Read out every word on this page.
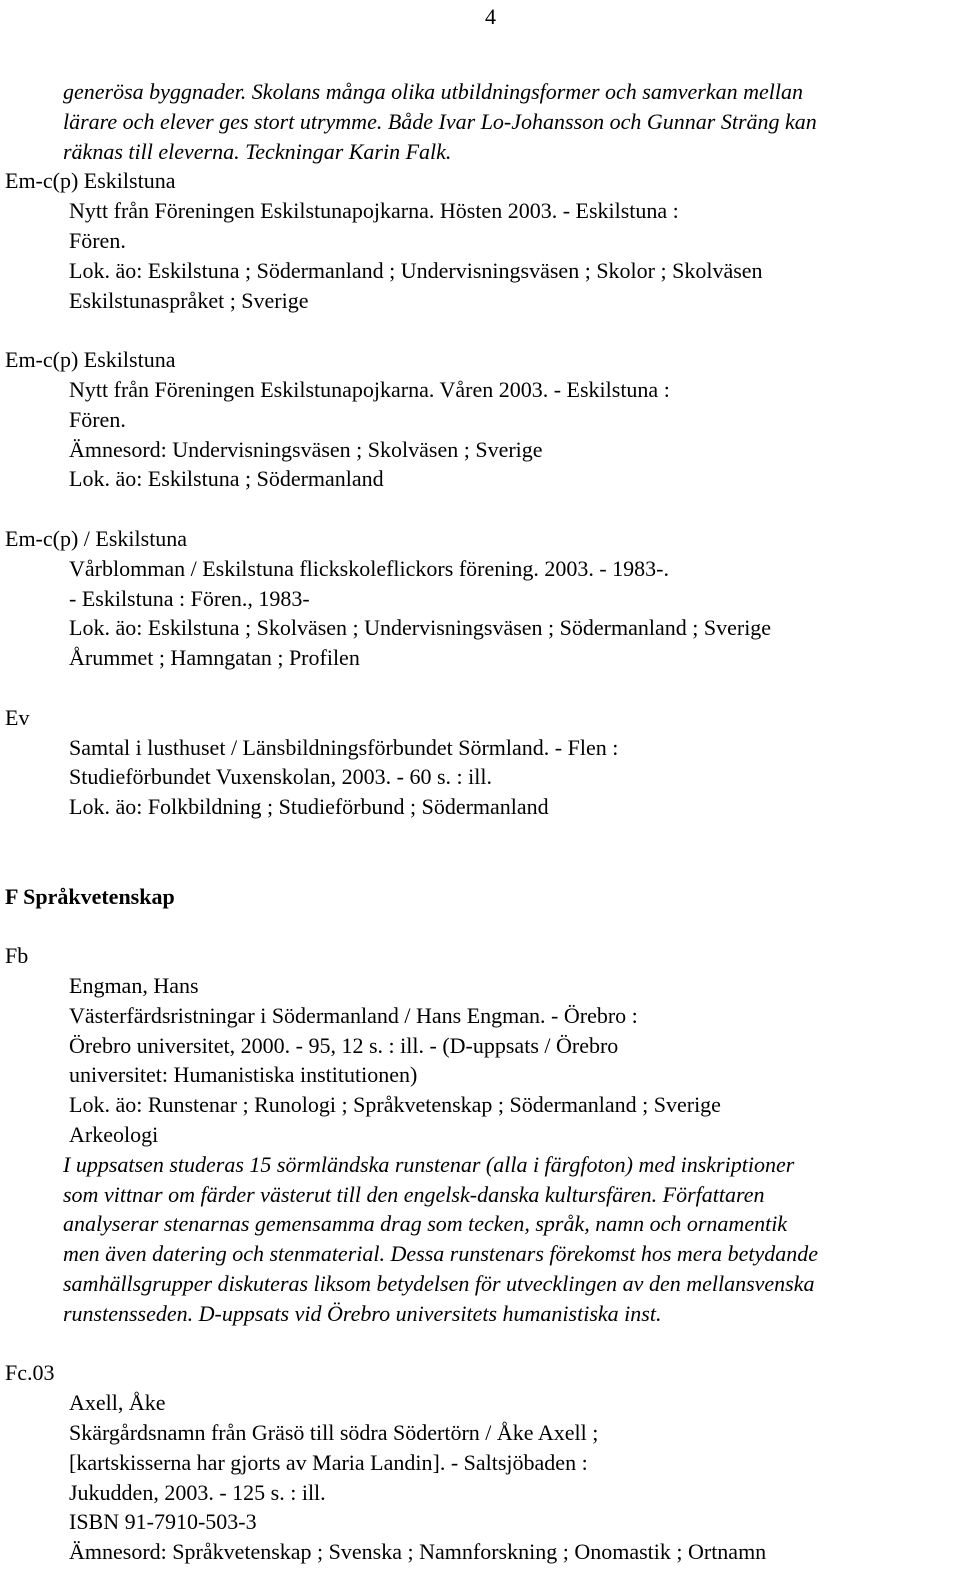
4
generösa byggnader. Skolans många olika utbildningsformer och samverkan mellan
lärare och elever ges stort utrymme. Både Ivar Lo-Johansson och Gunnar Sträng kan
räknas till eleverna. Teckningar Karin Falk.
Em-c(p) Eskilstuna
Nytt från Föreningen Eskilstunapojkarna. Hösten 2003. - Eskilstuna :
Fören.
Lok. äo: Eskilstuna ; Södermanland ; Undervisningsväsen ; Skolor ; Skolväsen
Eskilstunaspråket ; Sverige
Em-c(p) Eskilstuna
Nytt från Föreningen Eskilstunapojkarna. Våren 2003. - Eskilstuna :
Fören.
Ämnesord: Undervisningsväsen ; Skolväsen ; Sverige
Lok. äo: Eskilstuna ; Södermanland
Em-c(p) / Eskilstuna
Vårblomman / Eskilstuna flickskoleflickors förening. 2003. - 1983-.
- Eskilstuna : Fören., 1983-
Lok. äo: Eskilstuna ; Skolväsen ; Undervisningsväsen ; Södermanland ; Sverige
Årummet ; Hamngatan ; Profilen
Ev
Samtal i lusthuset / Länsbildningsförbundet Sörmland. - Flen :
Studieförbundet Vuxenskolan, 2003. - 60 s. : ill.
Lok. äo: Folkbildning ; Studieförbund ; Södermanland
F Språkvetenskap
Fb
Engman, Hans
Västerfärdsristningar i Södermanland / Hans Engman. - Örebro :
Örebro universitet, 2000. - 95, 12 s. : ill. - (D-uppsats / Örebro
universitet: Humanistiska institutionen)
Lok. äo: Runstenar ; Runologi ; Språkvetenskap ; Södermanland ; Sverige
Arkeologi
I uppsatsen studeras 15 sörmländska runstenar (alla i färgfoton) med inskriptioner
som vittnar om färder västerut till den engelsk-danska kultursfären. Författaren
analyserar stenarnas gemensamma drag som tecken, språk, namn och ornamentik
men även datering och stenmaterial. Dessa runstenars förekomst hos mera betydande
samhällsgrupper diskuteras liksom betydelsen för utvecklingen av den mellansvenska
runstensseden. D-uppsats vid Örebro universitets humanistiska inst.
Fc.03
Axell, Åke
Skärgårdsnamn från Gräsö till södra Södertörn / Åke Axell ;
[kartskisserna har gjorts av Maria Landin]. - Saltsjöbaden :
Jukudden, 2003. - 125 s. : ill.
ISBN 91-7910-503-3
Ämnesord: Språkvetenskap ; Svenska ; Namnforskning ; Onomastik ; Ortnamn
